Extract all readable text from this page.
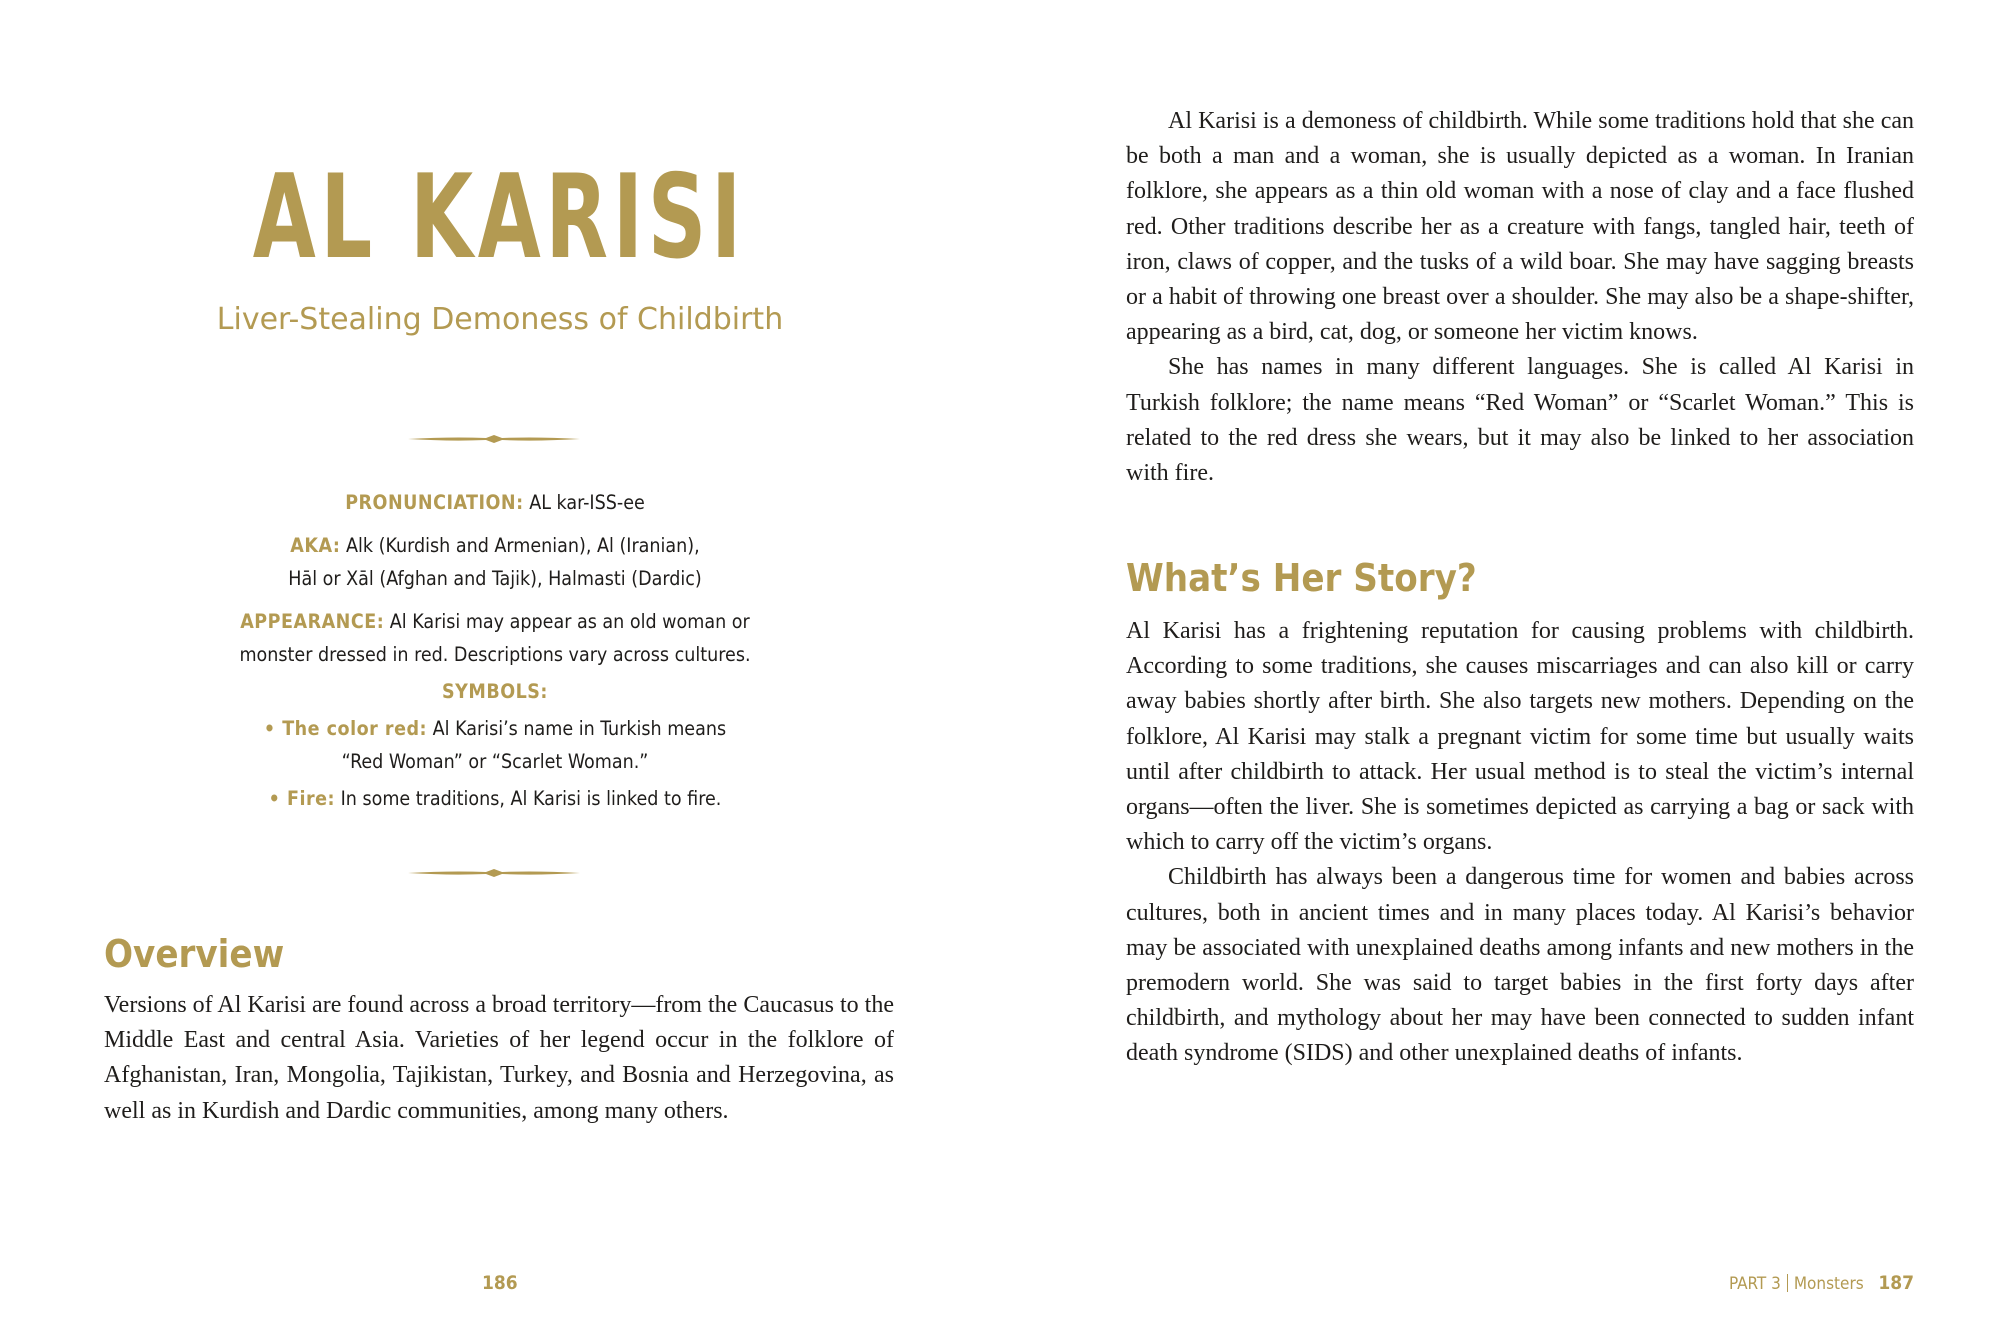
AL KARISI
Liver-Stealing Demoness of Childbirth
PRONUNCIATION: AL kar-ISS-ee
AKA: Alk (Kurdish and Armenian), Al (Iranian),
Hāl or Xāl (Afghan and Tajik), Halmasti (Dardic)
APPEARANCE: Al Karisi may appear as an old woman or
monster dressed in red. Descriptions vary across cultures.
SYMBOLS:
• The color red: Al Karisi’s name in Turkish means
“Red Woman” or “Scarlet Woman.”
• Fire: In some traditions, Al Karisi is linked to fire.
Overview

Versions of Al Karisi are found across a broad territory—from the Caucasus to the Middle East and central Asia. Varieties of her legend occur in the folklore of Afghanistan, Iran, Mongolia, Tajikistan, Turkey, and Bosnia and Herzegovina, as well as in Kurdish and Dardic communities, among many others.

186

Al Karisi is a demoness of childbirth. While some traditions hold that she can be both a man and a woman, she is usually depicted as a woman. In Iranian folklore, she appears as a thin old woman with a nose of clay and a face flushed red. Other traditions describe her as a creature with fangs, tangled hair, teeth of iron, claws of copper, and the tusks of a wild boar. She may have sagging breasts or a habit of throwing one breast over a shoulder. She may also be a shape-shifter, appearing as a bird, cat, dog, or someone her victim knows.

She has names in many different languages. She is called Al Karisi in Turkish folklore; the name means “Red Woman” or “Scarlet Woman.” This is related to the red dress she wears, but it may also be linked to her association with fire.

What’s Her Story?

Al Karisi has a frightening reputation for causing problems with childbirth. According to some traditions, she causes miscarriages and can also kill or carry away babies shortly after birth. She also targets new mothers. Depending on the folklore, Al Karisi may stalk a pregnant victim for some time but usually waits until after childbirth to attack. Her usual method is to steal the victim’s internal organs—often the liver. She is sometimes depicted as carrying a bag or sack with which to carry off the victim’s organs.

Childbirth has always been a dangerous time for women and babies across cultures, both in ancient times and in many places today. Al Karisi’s behavior may be associated with unexplained deaths among infants and new mothers in the premodern world. She was said to target babies in the first forty days after childbirth, and mythology about her may have been connected to sudden infant death syndrome (SIDS) and other unexplained deaths of infants.

PART 3 Monsters 187
